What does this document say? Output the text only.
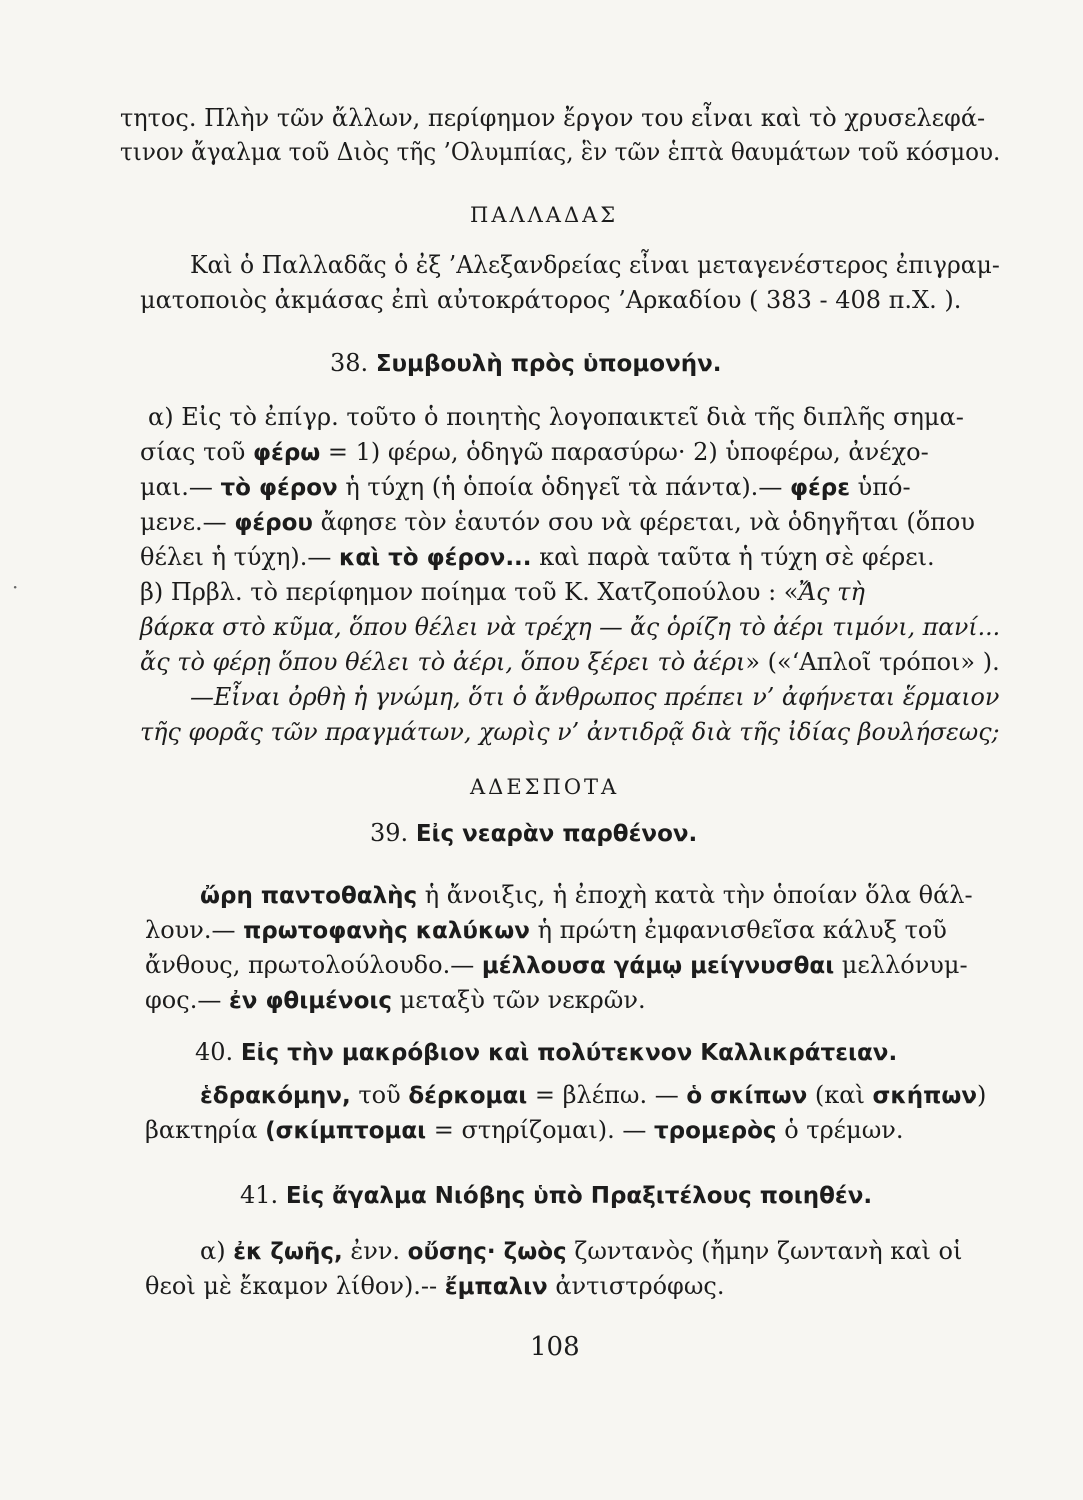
τητος. Πλὴν τῶν ἄλλων, περίφημον ἔργον του εἶναι καὶ τὸ χρυσελεφά-
τινον ἄγαλμα τοῦ Διὸς τῆς ’Ολυμπίας, ἓν τῶν ἑπτὰ θαυμάτων τοῦ κόσμου.
ΠΑΛΛΑΔΑΣ
Καὶ ὁ Παλλαδᾶς ὁ ἐξ ’Αλεξανδρείας εἶναι μεταγενέστερος ἐπιγραμ-
ματοποιὸς ἀκμάσας ἐπὶ αὐτοκράτορος ’Αρκαδίου ( 383 - 408 π.Χ. ).
38. Συμβουλὴ πρὸς ὑπομονήν.
α) Εἰς τὸ ἐπίγρ. τοῦτο ὁ ποιητὴς λογοπαικτεῖ διὰ τῆς διπλῆς σημα-
σίας τοῦ φέρω = 1) φέρω, ὁδηγῶ παρασύρω· 2) ὑποφέρω, ἀνέχο-
μαι.— τὸ φέρον ἡ τύχη (ἡ ὁποία ὁδηγεῖ τὰ πάντα).— φέρε ὑπό-
μενε.— φέρου ἄφησε τὸν ἑαυτόν σου νὰ φέρεται, νὰ ὁδηγῆται (ὅπου
θέλει ἡ τύχη).— καὶ τὸ φέρον... καὶ παρὰ ταῦτα ἡ τύχη σὲ φέρει.
·	β) Πρβλ. τὸ περίφημον ποίημα τοῦ Κ. Χατζοπούλου : «Ἄς τὴ
βάρκα στὸ κῦμα, ὅπου θέλει νὰ τρέχη — ἄς ὁρίζη τὸ ἀέρι τιμόνι, πανί...
ἄς τὸ φέρῃ ὅπου θέλει τὸ ἀέρι, ὅπου ξέρει τὸ ἀέρι» («‘Απλοῖ τρόποι» ).
—Εἶναι ὀρθὴ ἡ γνώμη, ὅτι ὁ ἄνθρωπος πρέπει ν’ ἀφήνεται ἕρμαιον
τῆς φορᾶς τῶν πραγμάτων, χωρὶς ν’ ἀντιδρᾷ διὰ τῆς ἰδίας βουλήσεως;
ΑΔΕΣΠΟΤΑ
39. Εἰς νεαρὰν παρθένον.
ὤρη παντοθαλὴς ἡ ἄνοιξις, ἡ ἐποχὴ κατὰ τὴν ὁποίαν ὅλα θάλ-
λουν.— πρωτοφανὴς καλύκων ἡ πρώτη ἐμφανισθεῖσα κάλυξ τοῦ
ἄνθους, πρωτολούλουδο.— μέλλουσα γάμῳ μείγνυσθαι μελλόνυμ-
φος.— ἐν φθιμένοις μεταξὺ τῶν νεκρῶν.
40. Εἰς τὴν μακρόβιον καὶ πολύτεκνον Καλλικράτειαν.
ἑδρακόμην, τοῦ δέρκομαι = βλέπω. — ὁ σκίπων (καὶ σκήπων)
βακτηρία (σκίμπτομαι = στηρίζομαι). — τρομερὸς ὁ τρέμων.
41. Εἰς ἄγαλμα Νιόβης ὑπὸ Πραξιτέλους ποιηθέν.
α) ἐκ ζωῆς, ἐνν. οὔσης· ζωὸς ζωντανὸς (ἤμην ζωντανὴ καὶ οἱ
θεοὶ μὲ ἔκαμον λίθον).-- ἔμπαλιν ἀντιστρόφως.
108
